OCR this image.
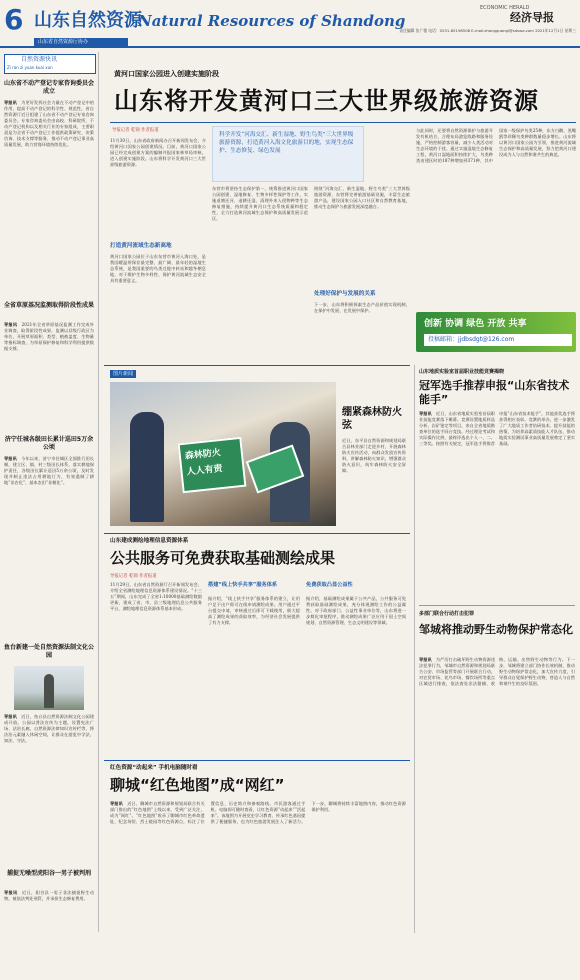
6 山东自然资源
Natural Resources of Shandong
ECONOMIC HERALD
经济导报
责任编辑 张广楼 电话：0531-85198508 E-mail:zhangguangl@sdswa.com 2021年12月1日 星期三
山东省自然资源厅协办
自然资源快讯
Zi ran zi yuan kuai xun
山东省不动产登记专家咨询委员会成立
导报讯　为更好发挥社会力量在不动产登记中的作用，提高不动产登记的科学性、规范性，省自然资源厅近日组建了山东省不动产登记专家咨询委员会。专家咨询委员会由高校、科研院所、不动产登记机构以及相关行业的专家组成，主要职责是为全省不动产登记工作提供政策研究、决策咨询、技术支撑等服务，推动不动产登记事业高质量发展，助力营商环境持续优化。
全省草原基况监测取得阶段性成果
导报讯　2021年全省草原基况监测工作完成外业调查，取得阶段性成果。监测以县级行政区为单位，开展草原面积、类型、植被盖度、生物量等指标调查，为草原保护修复和科学利用提供数据支撑。
济宁任城各级田长累计巡田5万余公顷
导报讯　今年以来，济宁市任城区全面推行田长制，建立区、镇、村三级田长体系，落实耕地保护责任，各级田长累计巡田5万余公顷，及时发现并制止违法占用耕地行为，有效遏制了耕地“非农化”、基本农田“非粮化”。
鱼台新建一处自然资源法制文化公园
导报讯　近日，鱼台县自然资源法制文化公园建成开放。公园以普法宣传为主题，设置宪法广场、法治长廊、自然资源法律知识宣传栏等，将法治元素融入休闲空间，让群众在游览中学法、知法、守法。
捕捉无噪型虎阳谷一男子被判刑
导报讯　近日，阳谷县一男子非法捕捉野生动物，被依法判处刑罚，并承担生态修复费用。
黄河口国家公园进入创建实施阶段
山东将开发黄河口三大世界级旅游资源
导报记者 乾锦 作者报道
科学开发“河海交汇、新生湿地、野生鸟类”三大世界级旅游资源，打造黄河入海文化旅游目的地，实现生态保护、生态修复、绿色发展
11月30日，山东省政府新闻办召开新闻发布会，介绍黄河口国家公园创建情况。目前，黄河口国家公园已经完成创建方案的编制并报国家林草局审核，进入创建实施阶段。山东将科学开发黄河口三大世界级旅游资源。
打造黄河流域生态新高地
黄河口国家公园位于山东东营市黄河入海口处，是我国暖温带保存最完整、最广阔、最年轻的湿地生态系统，是我国重要的鸟类迁徙中转站和越冬栖息地，对于维护生物多样性、保护黄河流域生态安全具有重要意义。
东营市将坚持生态保护第一，统筹推进黄河口国家公园创建、湿地修复、生物多样性保护等工作，实施退塘还河、退耕还湿、清理外来入侵物种等生态修复措施，持续提升黄河口生态系统质量和稳定性，全力打造黄河流域生态保护和高质量发展示范区。
围绕“河海交汇、新生湿地、野生鸟类”三大世界级旅游资源，东营将完善旅游基础设施，丰富生态旅游产品，建设国家公园入口社区和自然教育基地，推动生态保护与旅游发展深度融合。
处理好保护与发展的关系
下一步，山东将积极探索生态产品价值实现机制，在保护中发展、在发展中保护。
与此同时，还要将自然资源保护与旅游开发有机结合，合理布局游览线路和服务设施，严格控制游客容量，减少人类活动对生态环境的干扰。通过实施湿地生态修复工程，黄河口湿地面积持续扩大，鸟类种类由建区时的187种增加到371种，其中国家一级保护鸟类25种，东方白鹳、黑嘴鸥等珍稀鸟类种群数量稳步增长。山东将以黄河口国家公园为引领，推进黄河流域生态保护和高质量发展，努力把黄河口建设成为人与自然和谐共生的典范。
创新 协调 绿色 开放 共享
投稿邮箱：jjdbsdgt@126.com
图片新闻
森林防火
人人有责
绷紧森林防火弦
近日，东平县自然资源和规划局联合县林业部门走进乡村，开展森林防火宣传活动，向群众发放宣传资料，讲解森林防火知识，增强群众防火意识，筑牢森林防火安全屏障。
山东地质实验室首届职业技能竞赛揭晓
冠军选手推荐申报“山东省技术能手”
导报讯　近日，山东省地质实验室首届职业技能竞赛落下帷幕。竞赛设置地质样品分析、岩矿鉴定等项目，来自全省地质勘查单位的选手同台竞技。经过理论考试和实际操作比拼，最终评选出个人一、二、三等奖。按照有关规定，冠军选手将推荐申报“山东省技术能手”，其他获奖选手将获得相应表彰。竞赛的举办，进一步激发了广大地质工作者钻研技术、提升技能的热情，为培养高素质技能人才队伍、推动地质实验测试事业高质量发展奠定了坚实基础。
多部门联合行动打击犯罪
邹城将推动野生动物保护常态化
导报讯　为严厉打击破坏野生动物资源违法犯罪行为，邹城市自然资源和规划局联合公安、市场监管等部门开展联合行动，对农贸市场、花鸟市场、餐饮场所等重点区域进行排查，依法查处非法猎捕、收购、运输、出售野生动物等行为。下一步，邹城将建立部门协作长效机制，推动野生动物保护常态化，加大宣传力度，引导群众自觉保护野生动物，营造人与自然和谐共生的良好氛围。
山东建成测绘地理信息资源体系
公共服务可免费获取基础测绘成果
导报记者 乾锦 作者报道
11月29日，山东省自然资源厅召开新闻发布会，介绍全省测绘地理信息资源体系建设情况。“十三五”期间，山东完成了全省1:10000基础测绘数据更新，建成了省、市、县三级地理信息公共服务平台，测绘地理信息资源体系基本形成。
搭建“线上快手共享”服务体系
据介绍，“线上快手共享”服务体系的建立，让用户足不出户即可在线申请测绘成果。用户通过平台提交申请，审核通过后即可下载使用，极大提高了测绘成果的获取效率，为经济社会发展提供了有力支撑。
免费获取凸显公益性
据介绍，基础测绘成果属于公共产品，公共服务可免费获取基础测绘成果，充分体现测绘工作的公益属性。对于政府部门、公益性事业单位等，山东将进一步简化审批程序，推动测绘成果广泛应用于国土空间规划、自然资源管理、生态文明建设等领域。
红色资源“动起来” 手机电脑随时看
聊城“红色地图”成“网红”
导报讯　近日，聊城市自然资源和规划局联合有关部门推出的“红色地图”上线以来，受到广泛关注，成为“网红”。“红色地图”收录了聊城市红色革命遗址、纪念场馆、烈士陵园等红色资源点，标注了位置信息、历史简介和参观路线。市民游客通过手机、电脑即可随时查看，让红色资源“动起来”“活起来”。该地图为开展党史学习教育、传承红色基因提供了便捷服务，也为红色旅游发展注入了新活力。下一步，聊城将持续丰富地图内容，推动红色资源保护利用。
